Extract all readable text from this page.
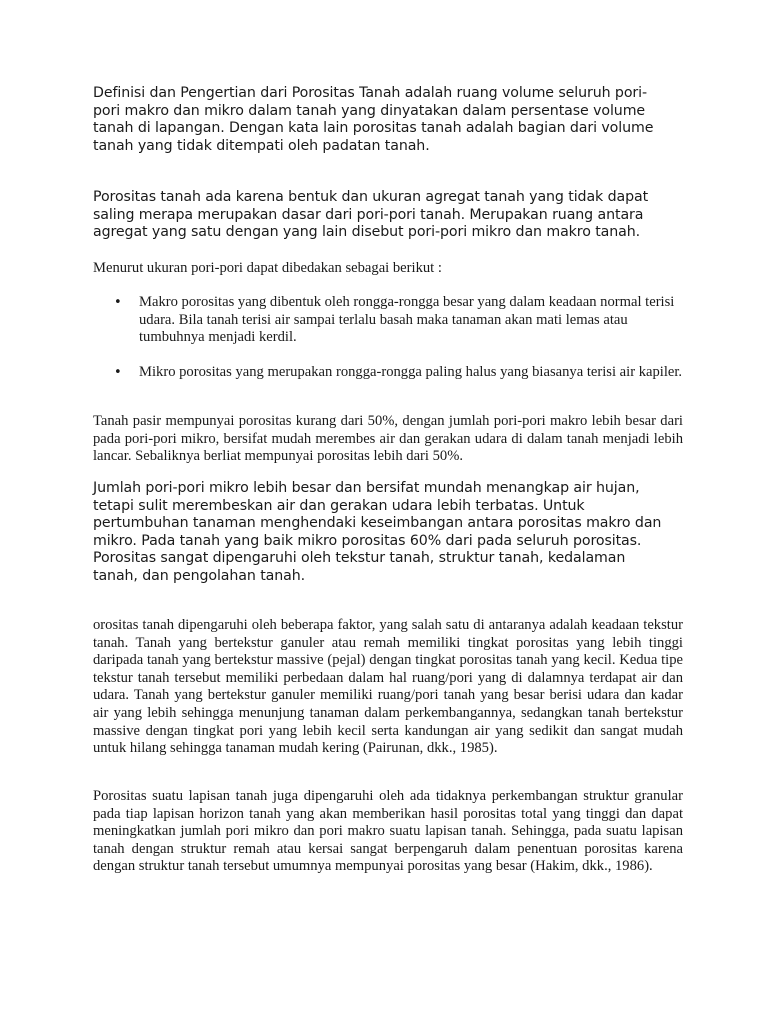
Definisi dan Pengertian dari Porositas Tanah adalah ruang volume seluruh pori-pori makro dan mikro dalam tanah yang dinyatakan dalam persentase volume tanah di lapangan. Dengan kata lain porositas tanah adalah bagian dari volume tanah yang tidak ditempati oleh padatan tanah.

Porositas tanah ada karena bentuk dan ukuran agregat tanah yang tidak dapat saling merapa merupakan dasar dari pori-pori tanah. Merupakan ruang antara agregat yang satu dengan yang lain disebut pori-pori mikro dan makro tanah.

Menurut ukuran pori-pori dapat dibedakan sebagai berikut :

• Makro porositas yang dibentuk oleh rongga-rongga besar yang dalam keadaan normal terisi udara. Bila tanah terisi air sampai terlalu basah maka tanaman akan mati lemas atau tumbuhnya menjadi kerdil.

• Mikro porositas yang merupakan rongga-rongga paling halus yang biasanya terisi air kapiler.

Tanah pasir mempunyai porositas kurang dari 50%, dengan jumlah pori-pori makro lebih besar dari pada pori-pori mikro, bersifat mudah merembes air dan gerakan udara di dalam tanah menjadi lebih lancar. Sebaliknya berliat mempunyai porositas lebih dari 50%.

Jumlah pori-pori mikro lebih besar dan bersifat mundah menangkap air hujan, tetapi sulit merembeskan air dan gerakan udara lebih terbatas. Untuk pertumbuhan tanaman menghendaki keseimbangan antara porositas makro dan mikro. Pada tanah yang baik mikro porositas 60% dari pada seluruh porositas. Porositas sangat dipengaruhi oleh tekstur tanah, struktur tanah, kedalaman tanah, dan pengolahan tanah.

orositas tanah dipengaruhi oleh beberapa faktor, yang salah satu di antaranya adalah keadaan tekstur tanah. Tanah yang bertekstur ganuler atau remah memiliki tingkat porositas yang lebih tinggi daripada tanah yang bertekstur massive (pejal) dengan tingkat porositas tanah yang kecil. Kedua tipe tekstur tanah tersebut memiliki perbedaan dalam hal ruang/pori yang di dalamnya terdapat air dan udara. Tanah yang bertekstur ganuler memiliki ruang/pori tanah yang besar berisi udara dan kadar air yang lebih sehingga menunjung tanaman dalam perkembangannya, sedangkan tanah bertekstur massive dengan tingkat pori yang lebih kecil serta kandungan air yang sedikit dan sangat mudah untuk hilang sehingga tanaman mudah kering (Pairunan, dkk., 1985).

Porositas suatu lapisan tanah juga dipengaruhi oleh ada tidaknya perkembangan struktur granular pada tiap lapisan horizon tanah yang akan memberikan hasil porositas total yang tinggi dan dapat meningkatkan jumlah pori mikro dan pori makro suatu lapisan tanah. Sehingga, pada suatu lapisan tanah dengan struktur remah atau kersai sangat berpengaruh dalam penentuan porositas karena dengan struktur tanah tersebut umumnya mempunyai porositas yang besar (Hakim, dkk., 1986).
